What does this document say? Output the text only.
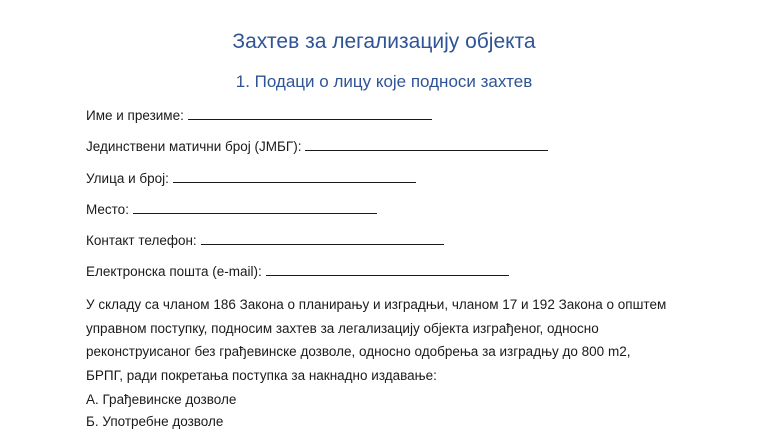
Захтев за легализацију објекта
1. Подаци о лицу које подноси захтев
Име и презиме:
Јединствени матични број (ЈМБГ):
Улица и број:
Место:
Контакт телефон:
Електронска пошта (e-mail):
У складу са чланом 186 Закона о планирању и изградњи, чланом 17 и 192 Закона о општем
управном поступку, подносим захтев за легализацију објекта изграђеног, односно
реконструисаног без грађевинске дозволе, односно одобрења за изградњу до 800 m2,
БРПГ, ради покретања поступка за накнадно издавање:
А. Грађевинске дозволе
Б. Употребне дозволе
